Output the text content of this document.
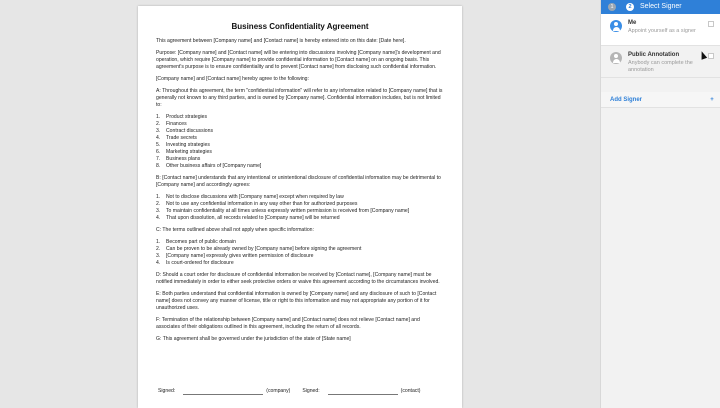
Business Confidentiality Agreement

This agreement between [Company name] and [Contact name] is hereby entered into on this date: [Date here].

Purpose: [Company name] and [Contact name] will be entering into discussions involving [Company name]'s development and operation, which require [Company name] to provide confidential information to [Contact name] on an ongoing basis. This agreement's purpose is to ensure confidentiality and to prevent [Contact name] from disclosing such confidential information.

[Company name] and [Contact name] hereby agree to the following:

A: Throughout this agreement, the term "confidential information" will refer to any information related to [Company name] that is generally not known to any third parties, and is owned by [Company name]. Confidential information includes, but is not limited to:

1.	Product strategies
2.	Finances
3.	Contract discussions
4.	Trade secrets
5.	Investing strategies
6.	Marketing strategies
7.	Business plans
8.	Other business affairs of [Company name]

B: [Contact name] understands that any intentional or unintentional disclosure of confidential information may be detrimental to [Company name] and accordingly agrees:

1.	Not to disclose discussions with [Company name] except when required by law
2.	Not to use any confidential information in any way other than for authorized purposes
3.	To maintain confidentiality at all times unless expressly written permission is received from [Company name]
4.	That upon dissolution, all records related to [Company name] will be returned

C: The terms outlined above shall not apply when specific information:

1.	Becomes part of public domain
2.	Can be proven to be already owned by [Company name] before signing the agreement
3.	[Company name] expressly gives written permission of disclosure
4.	Is court-ordered for disclosure

D: Should a court order for disclosure of confidential information be received by [Contact name], [Company name] must be notified immediately in order to either seek protective orders or waive this agreement according to the circumstances involved.

E: Both parties understand that confidential information is owned by [Company name] and any disclosure of such to [Contact name] does not convey any manner of license, title or right to this information and may not appropriate any portion of it for unauthorized uses.

F: Termination of the relationship between [Company name] and [Contact name] does not relieve [Contact name] and associates of their obligations outlined in this agreement, including the return of all records.

G: This agreement shall be governed under the jurisdiction of the state of [State name]

Signed:	(company) Signed:	(contact)
1	2	Select Signer
Me
Appoint yourself as a signer
Public Annotation
Anybody can complete the annotation
Add Signer	+
